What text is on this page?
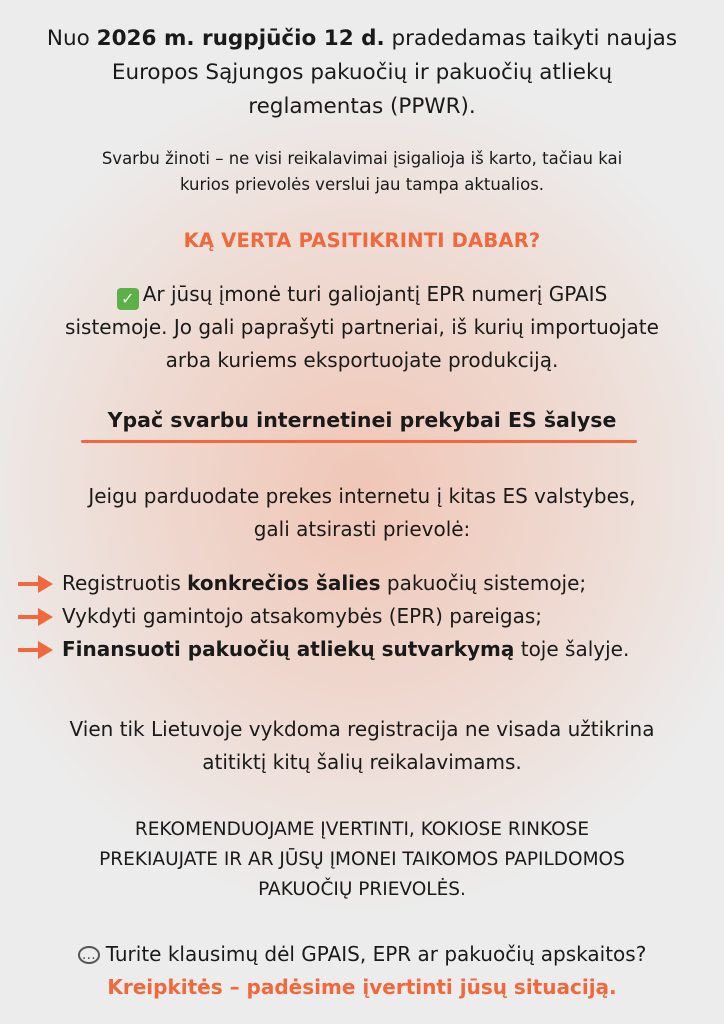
Nuo 2026 m. rugpjūčio 12 d. pradedamas taikyti naujas
Europos Sąjungos pakuočių ir pakuočių atliekų
reglamentas (PPWR).
Svarbu žinoti – ne visi reikalavimai įsigalioja iš karto, tačiau kai
kurios prievolės verslui jau tampa aktualios.
KĄ VERTA PASITIKRINTI DABAR?
✓ Ar jūsų įmonė turi galiojantį EPR numerį GPAIS
sistemoje. Jo gali paprašyti partneriai, iš kurių importuojate
arba kuriems eksportuojate produkciją.
Ypač svarbu internetinei prekybai ES šalyse
Jeigu parduodate prekes internetu į kitas ES valstybes,
gali atsirasti prievolė:
Registruotis konkrečios šalies pakuočių sistemoje;
Vykdyti gamintojo atsakomybės (EPR) pareigas;
Finansuoti pakuočių atliekų sutvarkymą toje šalyje.
Vien tik Lietuvoje vykdoma registracija ne visada užtikrina
atitiktį kitų šalių reikalavimams.
REKOMENDUOJAME ĮVERTINTI, KOKIOSE RINKOSE
PREKIAUJATE IR AR JŪSŲ ĮMONEI TAIKOMOS PAPILDOMOS
PAKUOČIŲ PRIEVOLĖS.
…Turite klausimų dėl GPAIS, EPR ar pakuočių apskaitos?
Kreipkitės – padėsime įvertinti jūsų situaciją.
